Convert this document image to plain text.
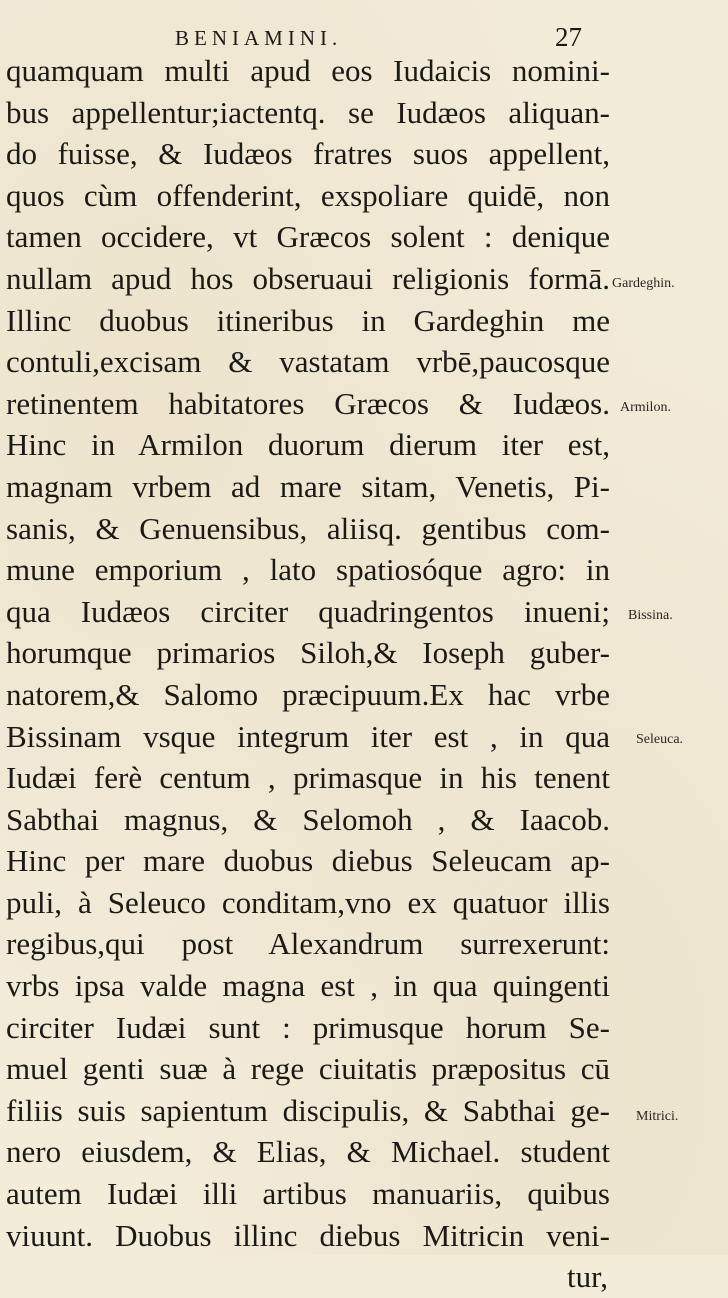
BENIAMINI.	27
quamquam multi apud eos Iudaicis nomini-
bus appellentur;iactentq. se Iudæos aliquan-
do fuisse, & Iudæos fratres suos appellent,
quos cùm offenderint, exspoliare quidē, non
tamen occidere, vt Græcos solent : denique
nullam apud hos obseruaui religionis formā.
Illinc duobus itineribus in Gardeghin me
contuli,excisam & vastatam vrbē,paucosque
retinentem habitatores Græcos & Iudæos.
Hinc in Armilon duorum dierum iter est,
magnam vrbem ad mare sitam, Venetis, Pi-
sanis, & Genuensibus, aliisq. gentibus com-
mune emporium , lato spatiosóque agro: in
qua Iudæos circiter quadringentos inueni;
horumque primarios Siloh,& Ioseph guber-
natorem,& Salomo præcipuum.Ex hac vrbe
Bissinam vsque integrum iter est , in qua
Iudæi ferè centum , primasque in his tenent
Sabthai magnus, & Selomoh , & Iaacob.
Hinc per mare duobus diebus Seleucam ap-
puli, à Seleuco conditam,vno ex quatuor illis
regibus,qui post Alexandrum surrexerunt:
vrbs ipsa valde magna est , in qua quingenti
circiter Iudæi sunt : primusque horum Se-
muel genti suæ à rege ciuitatis præpositus cū
filiis suis sapientum discipulis, & Sabthai ge-
nero eiusdem, & Elias, & Michael. student
autem Iudæi illi artibus manuariis, quibus
viuunt. Duobus illinc diebus Mitricin veni-
tur,
Gardeghin.
Armilon.
Bissina.
Seleuca.
Mitrici.
